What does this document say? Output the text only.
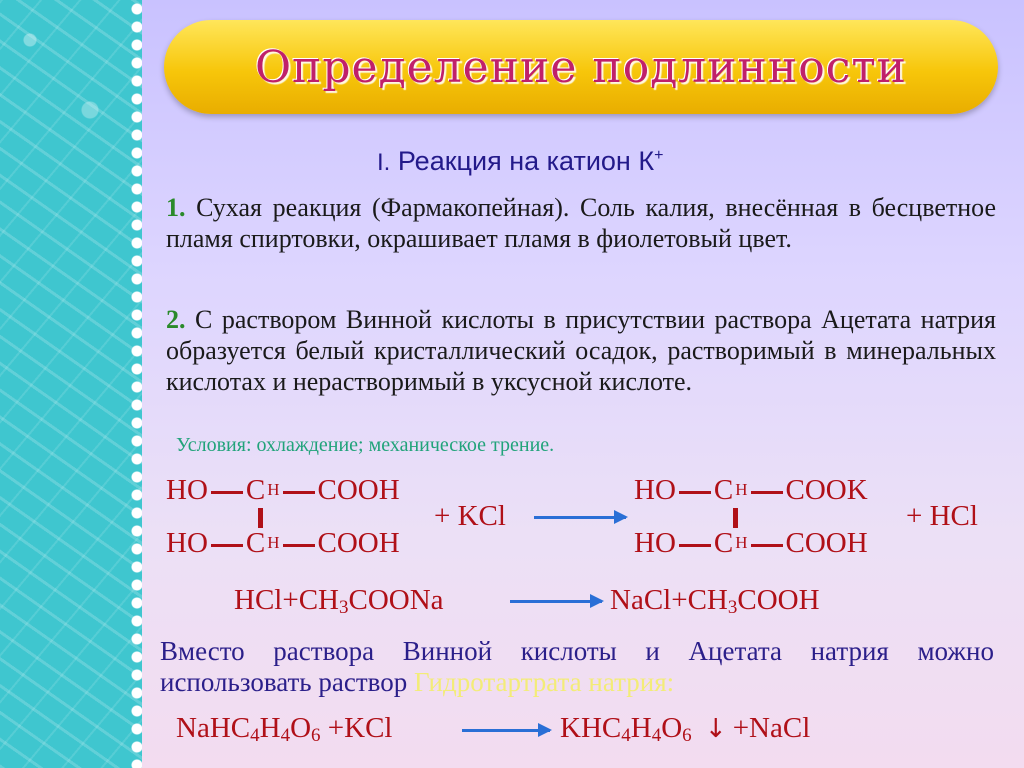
Определение подлинности
I. Реакция на катион К+
1. Сухая реакция (Фармакопейная). Соль калия, внесённая в бесцветное пламя спиртовки, окрашивает пламя в фиолетовый цвет.
2. С раствором Винной кислоты в присутствии раствора Ацетата натрия образуется белый кристаллический осадок, растворимый в минеральных кислотах и нерастворимый в уксусной кислоте.
Условия: охлаждение; механическое трение.
HO C $^H$ COOH
HO C $^H$ COOH
+ KCl
HO C $^H$ COOK
HO C $^H$ COOH
+ HCl
$HCl+CH_3COONa$	$NaCl+CH_3COOH$
Вместо раствора Винной кислоты и Ацетата натрия можно использовать раствор Гидротартрата натрия:
$NaHC_4H_4O_6 +KCl$	$KHC_4H_4O_6$ ↓ +NaCl
